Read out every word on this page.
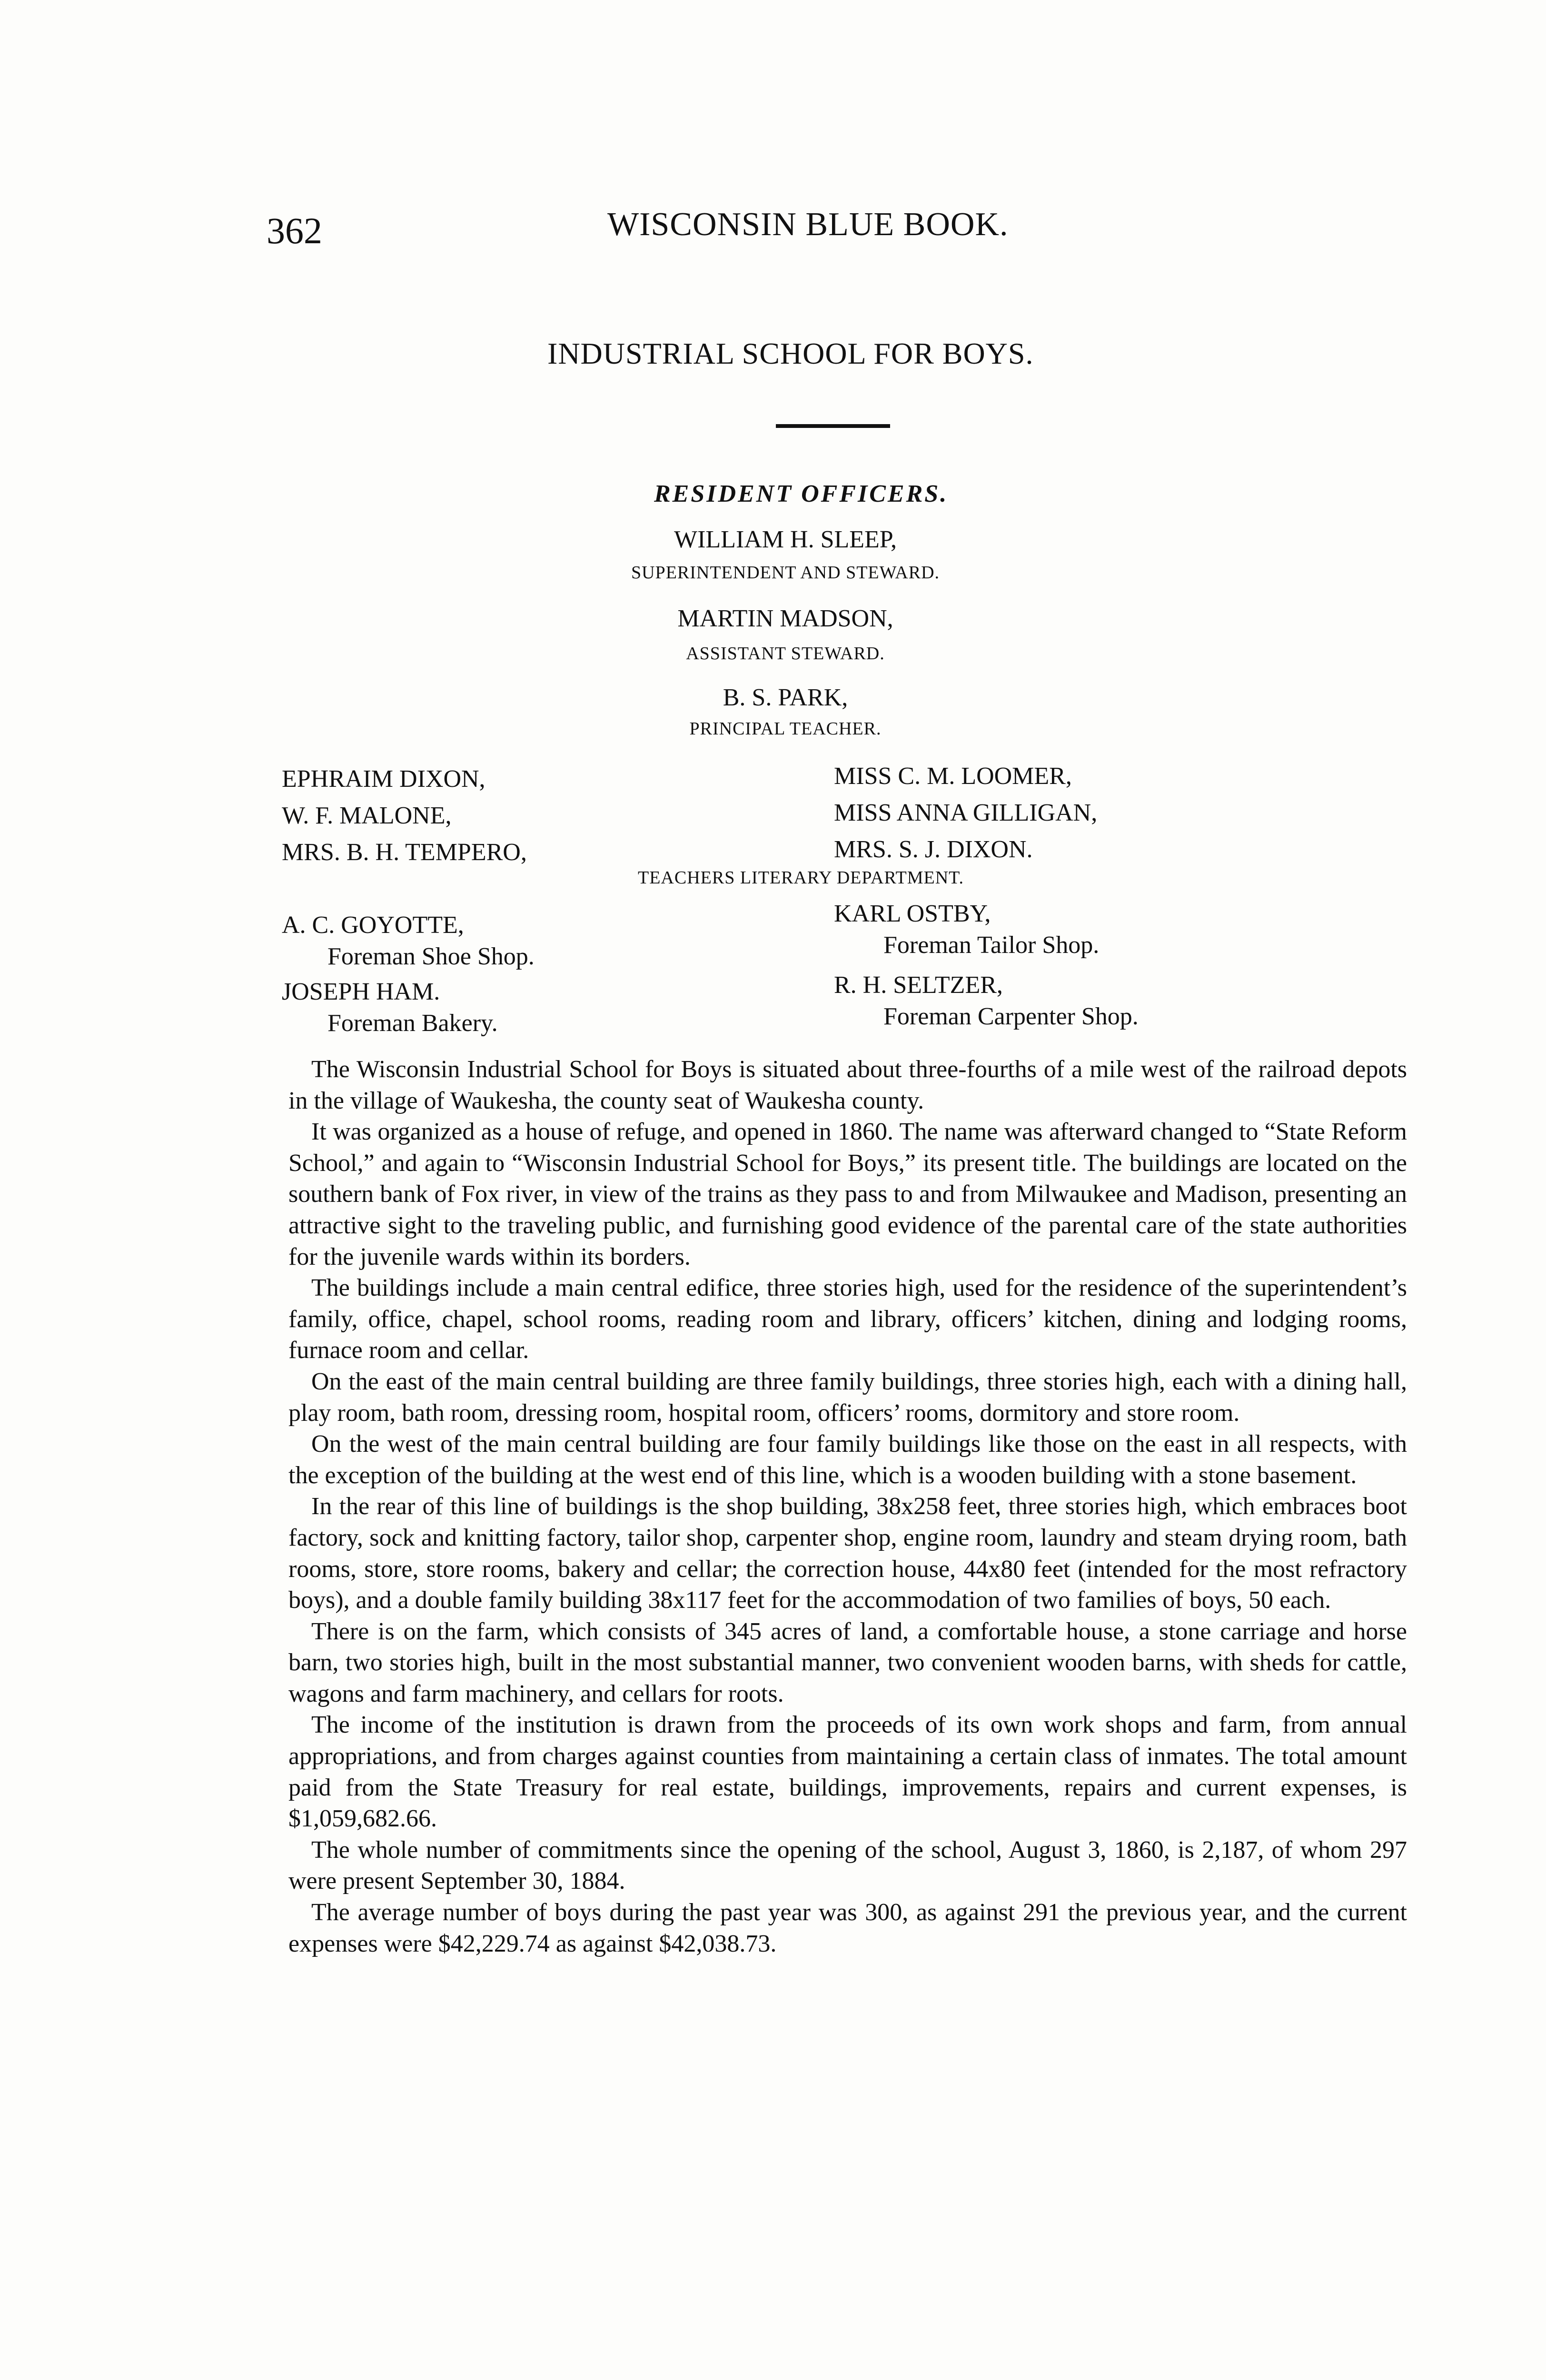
362	WISCONSIN BLUE BOOK.
INDUSTRIAL SCHOOL FOR BOYS.
RESIDENT OFFICERS.
WILLIAM H. SLEEP,
SUPERINTENDENT AND STEWARD.
MARTIN MADSON,
ASSISTANT STEWARD.
B. S. PARK,
PRINCIPAL TEACHER.
EPHRAIM DIXON,
W. F. MALONE,
MRS. B. H. TEMPERO,
MISS C. M. LOOMER,
MISS ANNA GILLIGAN,
MRS. S. J. DIXON.
TEACHERS LITERARY DEPARTMENT.
A. C. GOYOTTE,
Foreman Shoe Shop.
JOSEPH HAM.
Foreman Bakery.
KARL OSTBY,
Foreman Tailor Shop.
R. H. SELTZER,
Foreman Carpenter Shop.

The Wisconsin Industrial School for Boys is situated about three-fourths of a mile west of the railroad depots in the village of Waukesha, the county seat of Waukesha county.

It was organized as a house of refuge, and opened in 1860. The name was afterward changed to “State Reform School,” and again to “Wisconsin Industrial School for Boys,” its present title. The buildings are located on the southern bank of Fox river, in view of the trains as they pass to and from Milwaukee and Madison, presenting an attractive sight to the traveling public, and furnishing good evidence of the parental care of the state authorities for the juvenile wards within its borders.

The buildings include a main central edifice, three stories high, used for the residence of the superintendent’s family, office, chapel, school rooms, reading room and library, officers’ kitchen, dining and lodging rooms, furnace room and cellar.

On the east of the main central building are three family buildings, three stories high, each with a dining hall, play room, bath room, dressing room, hospital room, officers’ rooms, dormitory and store room.

On the west of the main central building are four family buildings like those on the east in all respects, with the exception of the building at the west end of this line, which is a wooden building with a stone basement.

In the rear of this line of buildings is the shop building, 38x258 feet, three stories high, which embraces boot factory, sock and knitting factory, tailor shop, carpenter shop, engine room, laundry and steam drying room, bath rooms, store, store rooms, bakery and cellar; the correction house, 44x80 feet (intended for the most refractory boys), and a double family building 38x117 feet for the accommodation of two families of boys, 50 each.

There is on the farm, which consists of 345 acres of land, a comfortable house, a stone carriage and horse barn, two stories high, built in the most substantial manner, two convenient wooden barns, with sheds for cattle, wagons and farm machinery, and cellars for roots.

The income of the institution is drawn from the proceeds of its own work shops and farm, from annual appropriations, and from charges against counties from maintaining a certain class of inmates. The total amount paid from the State Treasury for real estate, buildings, improvements, repairs and current expenses, is $1,059,682.66.

The whole number of commitments since the opening of the school, August 3, 1860, is 2,187, of whom 297 were present September 30, 1884.

The average number of boys during the past year was 300, as against 291 the previous year, and the current expenses were $42,229.74 as against $42,038.73.
